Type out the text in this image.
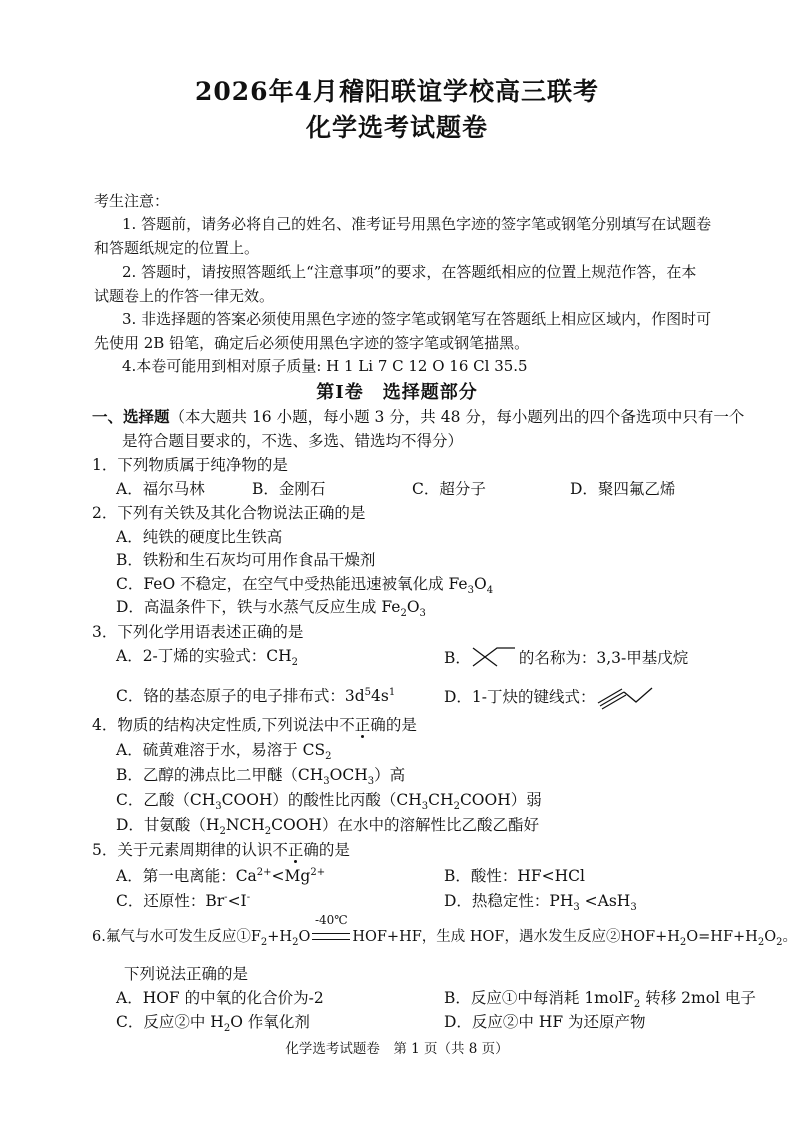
2026年4月稽阳联谊学校高三联考
化学选考试题卷
考生注意：
1. 答题前，请务必将自己的姓名、准考证号用黑色字迹的签字笔或钢笔分别填写在试题卷
和答题纸规定的位置上。
2. 答题时，请按照答题纸上“注意事项”的要求，在答题纸相应的位置上规范作答，在本
试题卷上的作答一律无效。
3. 非选择题的答案必须使用黑色字迹的签字笔或钢笔写在答题纸上相应区域内，作图时可
先使用 2B 铅笔，确定后必须使用黑色字迹的签字笔或钢笔描黑。
4.本卷可能用到相对原子质量: H 1 Li 7 C 12 O 16 Cl 35.5
第Ⅰ卷　选择题部分
一、选择题（本大题共 16 小题，每小题 3 分，共 48 分，每小题列出的四个备选项中只有一个
是符合题目要求的，不选、多选、错选均不得分）
1．下列物质属于纯净物的是
A．福尔马林	B．金刚石	C．超分子	D．聚四氟乙烯
2．下列有关铁及其化合物说法正确的是
A．纯铁的硬度比生铁高
B．铁粉和生石灰均可用作食品干燥剂
C．FeO 不稳定，在空气中受热能迅速被氧化成 $Fe_3O_4$
D．高温条件下，铁与水蒸气反应生成 $Fe_2O_3$
3．下列化学用语表述正确的是
A．2-丁烯的实验式：$CH_2$	B．	的名称为：3,3-甲基戊烷
C．铬的基态原子的电子排布式：$3d^54s^1$	D．1-丁炔的键线式：
4．物质的结构决定性质,下列说法中不正确的是
A．硫黄难溶于水，易溶于 $CS_2$
B．乙醇的沸点比二甲醚$(CH_3OCH_3)$高
C．乙酸$(CH_3COOH)$的酸性比丙酸$(CH_3CH_2COOH)$弱
D．甘氨酸$(H_2NCH_2COOH)$在水中的溶解性比乙酸乙酯好
5．关于元素周期律的认识不正确的是
A．第一电离能：$Ca^{2+}<Mg^{2+}$	B．酸性：HF<HCl
C．还原性：Br-<I-	D．热稳定性：$PH_3 <AsH_3$
6.氟气与水可发生反应$①F_2+H_2O$
-40℃
HOF+HF，生成 HOF，遇水发生反应$②HOF+H_2O=HF+H_2O_2$。
下列说法正确的是
A．HOF 的中氧的化合价为-2	B．反应①中每消耗 1molF$_2$ 转移 2mol 电子
C．反应②中 $H_2O$ 作氧化剂	D．反应②中 HF 为还原产物
化学选考试题卷　第 1 页（共 8 页）
